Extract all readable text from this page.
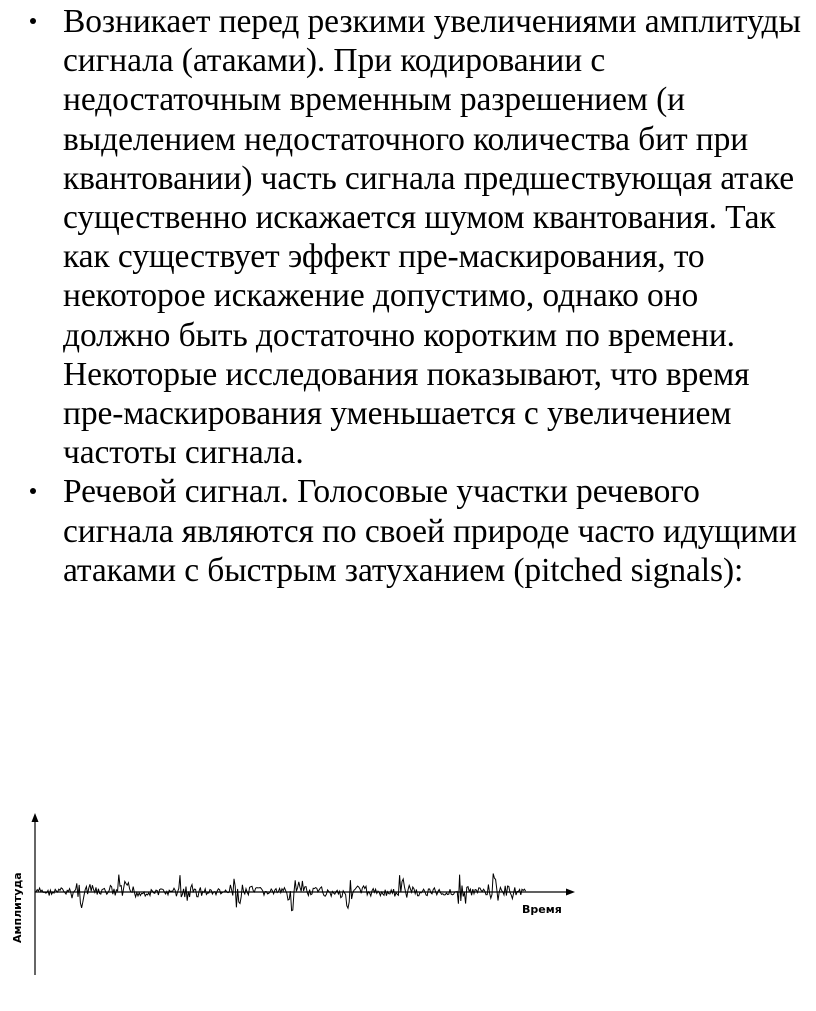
Возникает перед резкими увеличениями амплитуды сигнала (атаками). При кодировании с недостаточным временным разрешением (и выделением недостаточного количества бит при квантовании) часть сигнала предшествующая атаке существенно искажается шумом квантования. Так как существует эффект пре-маскирования, то некоторое искажение допустимо, однако оно должно быть достаточно коротким по времени. Некоторые исследования показывают, что время пре-маскирования уменьшается с увеличением частоты сигнала.
Речевой сигнал. Голосовые участки речевого сигнала являются по своей природе часто идущими атаками с быстрым затуханием (pitched signals):
Амплитуда	Время
